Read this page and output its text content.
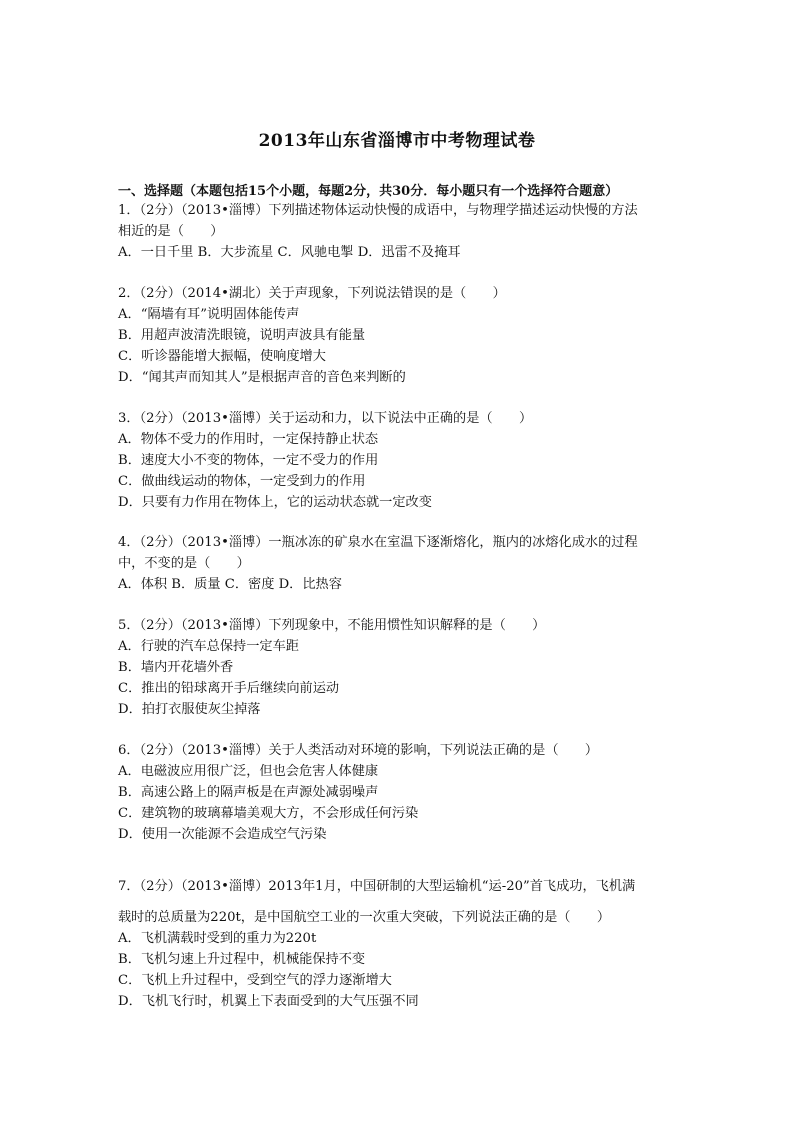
2013年山东省淄博市中考物理试卷
一、选择题（本题包括15个小题，每题2分，共30分．每小题只有一个选择符合题意）
1．（2分）（2013•淄博）下列描述物体运动快慢的成语中，与物理学描述运动快慢的方法
相近的是（　　）
A．一日千里 B．大步流星 C．风驰电掣 D．迅雷不及掩耳
2．（2分）（2014•湖北）关于声现象，下列说法错误的是（　　）
A．“隔墙有耳”说明固体能传声
B．用超声波清洗眼镜，说明声波具有能量
C．听诊器能增大振幅，使响度增大
D．“闻其声而知其人”是根据声音的音色来判断的
3．（2分）（2013•淄博）关于运动和力，以下说法中正确的是（　　）
A．物体不受力的作用时，一定保持静止状态
B．速度大小不变的物体，一定不受力的作用
C．做曲线运动的物体，一定受到力的作用
D．只要有力作用在物体上，它的运动状态就一定改变
4．（2分）（2013•淄博）一瓶冰冻的矿泉水在室温下逐渐熔化，瓶内的冰熔化成水的过程
中，不变的是（　　）
A．体积 B．质量 C．密度 D．比热容
5．（2分）（2013•淄博）下列现象中，不能用惯性知识解释的是（　　）
A．行驶的汽车总保持一定车距
B．墙内开花墙外香
C．推出的铅球离开手后继续向前运动
D．拍打衣服使灰尘掉落
6．（2分）（2013•淄博）关于人类活动对环境的影响，下列说法正确的是（　　）
A．电磁波应用很广泛，但也会危害人体健康
B．高速公路上的隔声板是在声源处减弱噪声
C．建筑物的玻璃幕墙美观大方，不会形成任何污染
D．使用一次能源不会造成空气污染
7．（2分）（2013•淄博）2013年1月，中国研制的大型运输机“运-20”首飞成功，飞机满
载时的总质量为220t，是中国航空工业的一次重大突破，下列说法正确的是（　　）
A．飞机满载时受到的重力为220t
B．飞机匀速上升过程中，机械能保持不变
C．飞机上升过程中，受到空气的浮力逐渐增大
D．飞机飞行时，机翼上下表面受到的大气压强不同
